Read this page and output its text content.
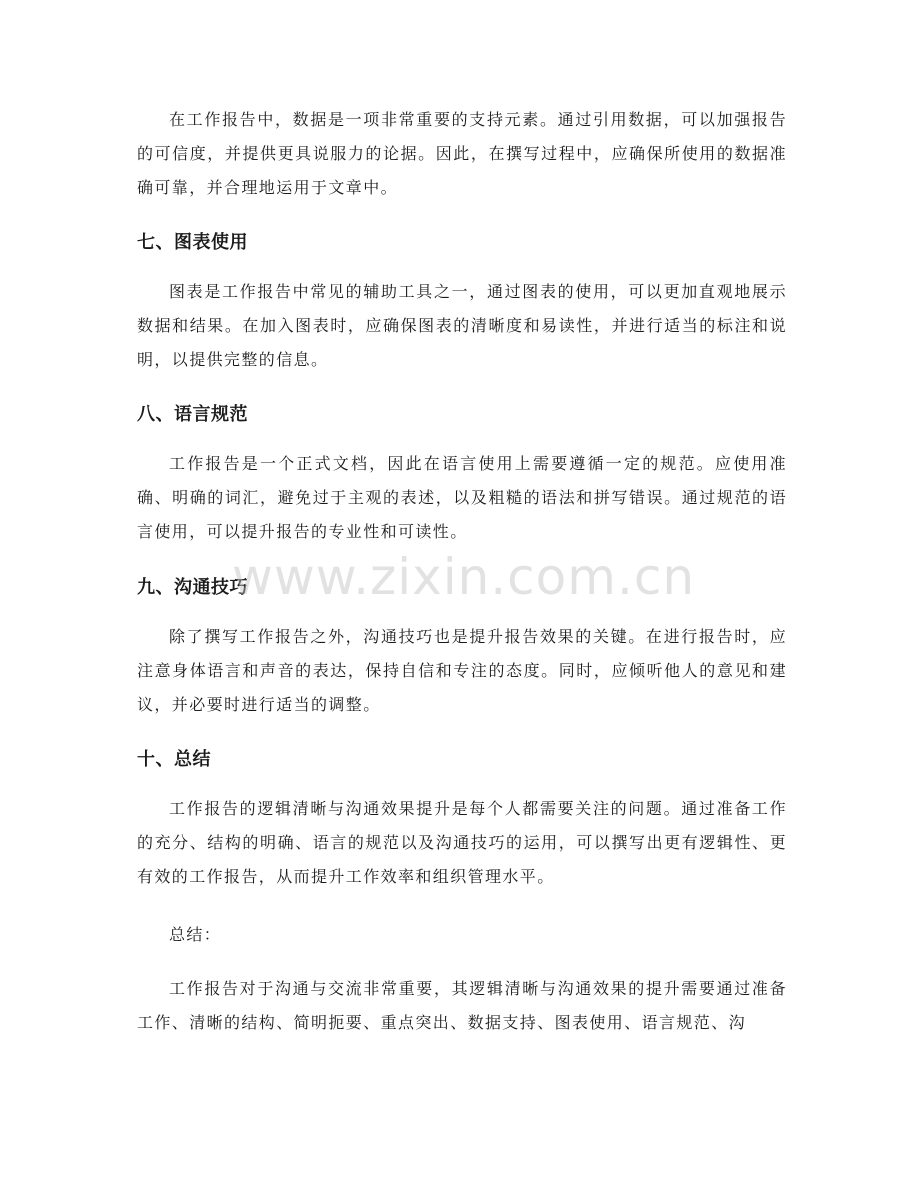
在工作报告中，数据是一项非常重要的支持元素。通过引用数据，可以加强报告的可信度，并提供更具说服力的论据。因此，在撰写过程中，应确保所使用的数据准确可靠，并合理地运用于文章中。

七、图表使用

图表是工作报告中常见的辅助工具之一，通过图表的使用，可以更加直观地展示数据和结果。在加入图表时，应确保图表的清晰度和易读性，并进行适当的标注和说明，以提供完整的信息。

八、语言规范

工作报告是一个正式文档，因此在语言使用上需要遵循一定的规范。应使用准确、明确的词汇，避免过于主观的表述，以及粗糙的语法和拼写错误。通过规范的语言使用，可以提升报告的专业性和可读性。

九、沟通技巧

除了撰写工作报告之外，沟通技巧也是提升报告效果的关键。在进行报告时，应注意身体语言和声音的表达，保持自信和专注的态度。同时，应倾听他人的意见和建议，并必要时进行适当的调整。

十、总结

工作报告的逻辑清晰与沟通效果提升是每个人都需要关注的问题。通过准备工作的充分、结构的明确、语言的规范以及沟通技巧的运用，可以撰写出更有逻辑性、更有效的工作报告，从而提升工作效率和组织管理水平。

总结：

工作报告对于沟通与交流非常重要，其逻辑清晰与沟通效果的提升需要通过准备工作、清晰的结构、简明扼要、重点突出、数据支持、图表使用、语言规范、沟

www.zixin.com.cn
